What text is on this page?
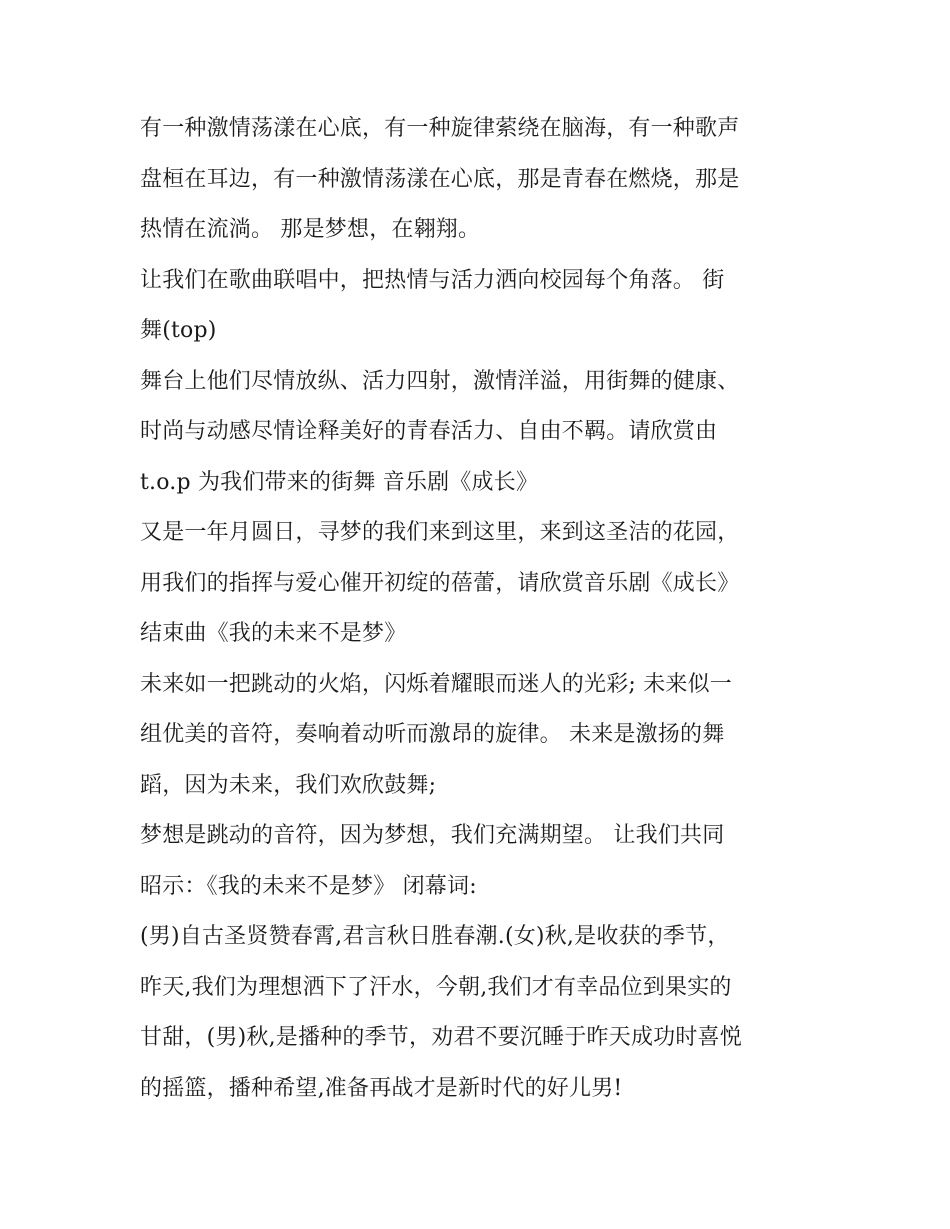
有一种激情荡漾在心底，有一种旋律萦绕在脑海，有一种歌声
盘桓在耳边，有一种激情荡漾在心底，那是青春在燃烧，那是
热情在流淌。 那是梦想，在翱翔。
让我们在歌曲联唱中，把热情与活力洒向校园每个角落。 街
舞(top)
舞台上他们尽情放纵、活力四射，激情洋溢，用街舞的健康、
时尚与动感尽情诠释美好的青春活力、自由不羁。请欣赏由
t.o.p 为我们带来的街舞 音乐剧《成长》
又是一年月圆日，寻梦的我们来到这里，来到这圣洁的花园，
用我们的指挥与爱心催开初绽的蓓蕾，请欣赏音乐剧《成长》
结束曲《我的未来不是梦》
未来如一把跳动的火焰，闪烁着耀眼而迷人的光彩; 未来似一
组优美的音符，奏响着动听而激昂的旋律。 未来是激扬的舞
蹈，因为未来，我们欢欣鼓舞;
梦想是跳动的音符，因为梦想，我们充满期望。 让我们共同
昭示：《我的未来不是梦》 闭幕词:
(男)自古圣贤赞春霄,君言秋日胜春潮.(女)秋,是收获的季节，
昨天,我们为理想洒下了汗水，今朝,我们才有幸品位到果实的
甘甜，(男)秋,是播种的季节，劝君不要沉睡于昨天成功时喜悦
的摇篮，播种希望,准备再战才是新时代的好儿男!
